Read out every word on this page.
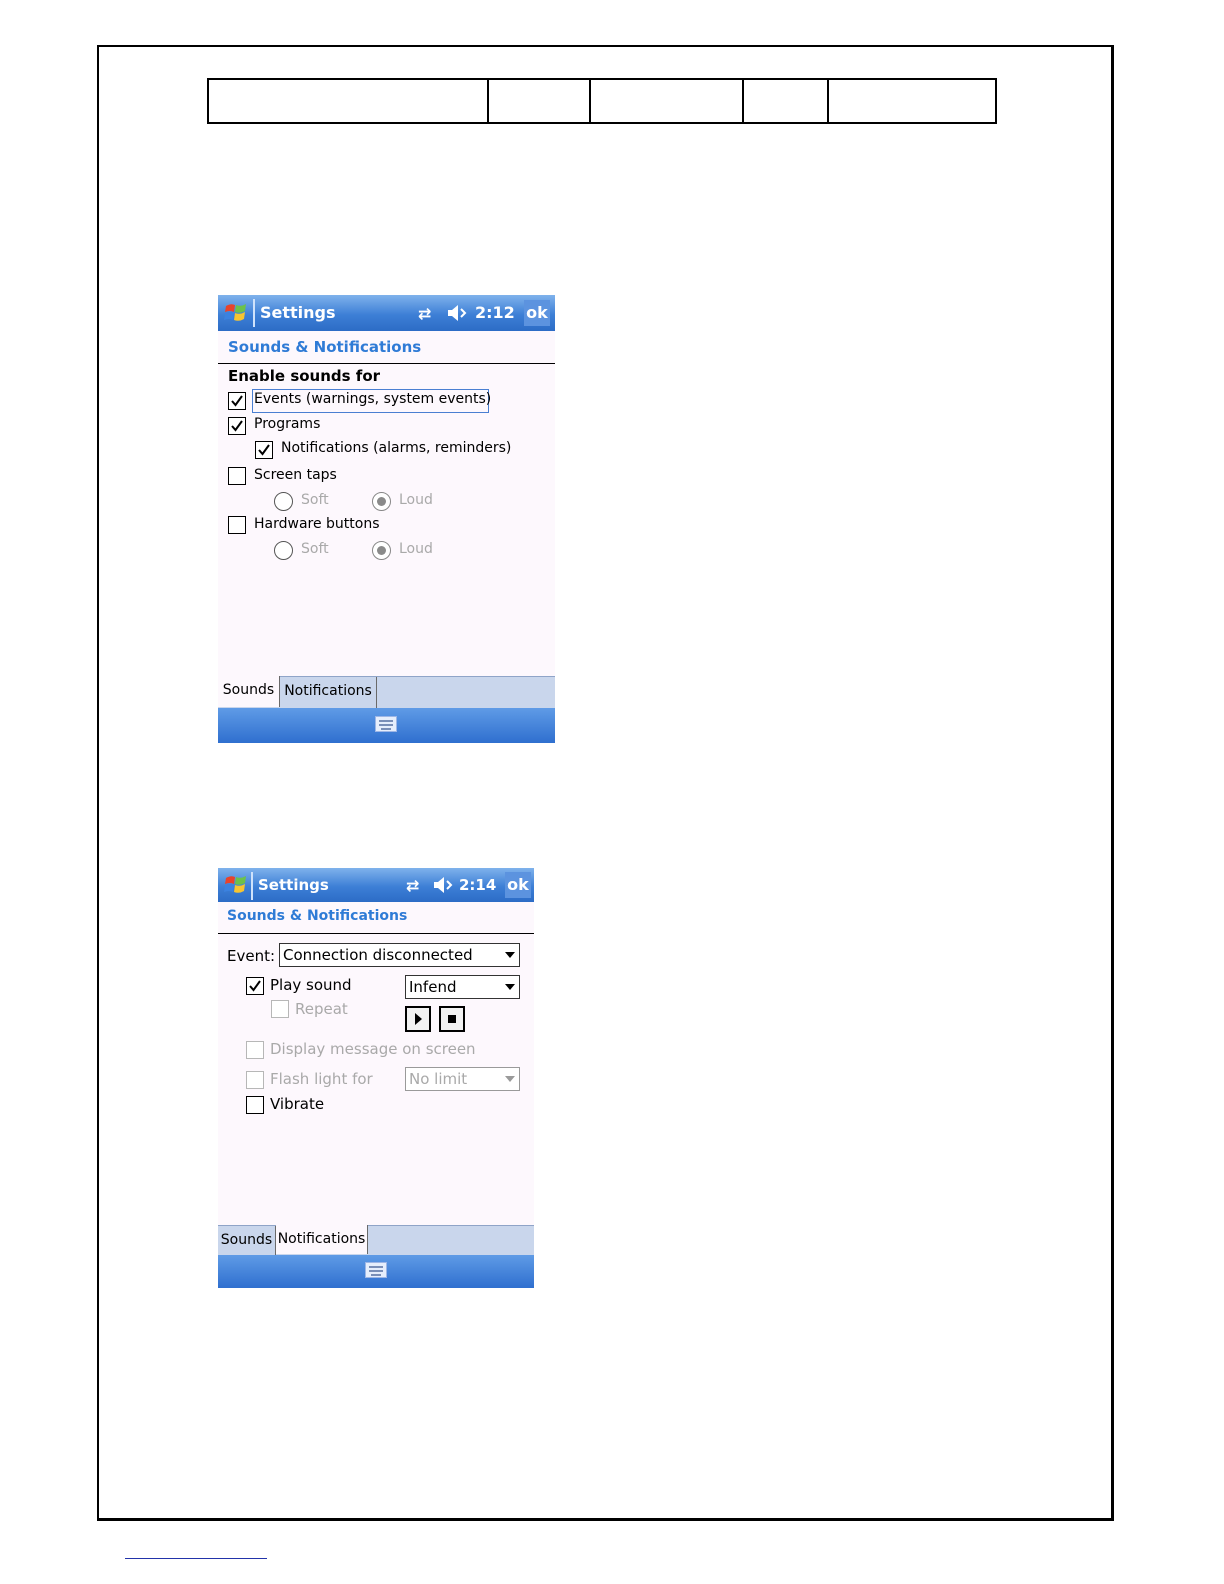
Settings	⇄	2:12 ok
Sounds & Notifications
Enable sounds for
Events (warnings, system events)
Programs
Notifications (alarms, reminders)
Screen taps
Soft	Loud
Hardware buttons
Soft	Loud
Sounds Notifications
Settings	⇄	2:14 ok
Sounds & Notifications
Event: Connection disconnected
Play sound	Infend
Repeat
Display message on screen
Flash light for No limit
Vibrate
Sounds Notifications
